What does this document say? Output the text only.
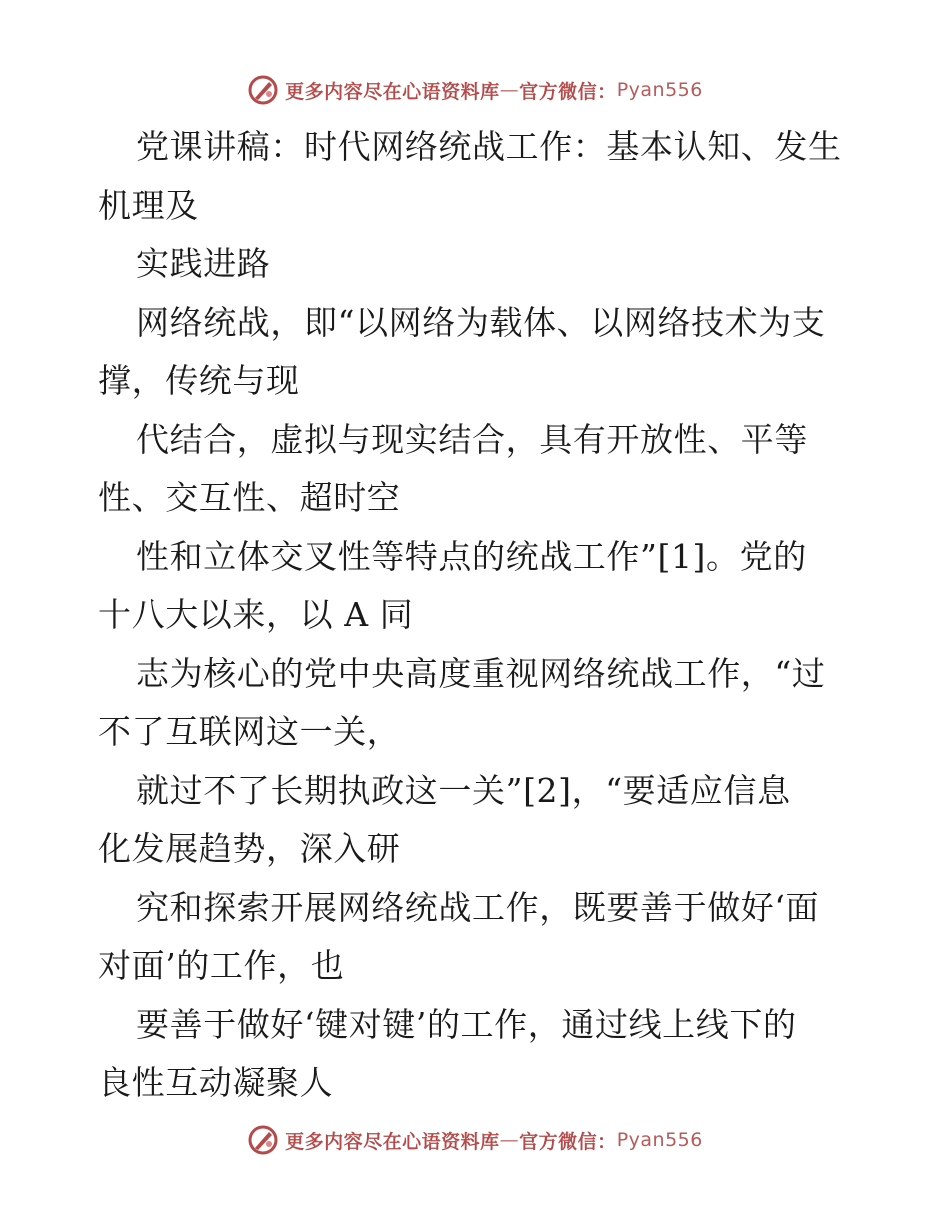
更多内容尽在心语资料库 — 官方微信： Pyan556
党课讲稿：时代网络统战工作：基本认知、发生
机理及
实践进路
网络统战，即“以网络为载体、以网络技术为支
撑，传统与现
代结合，虚拟与现实结合，具有开放性、平等
性、交互性、超时空
性和立体交叉性等特点的统战工作”[1]。党的
十八大以来，以 A 同
志为核心的党中央高度重视网络统战工作，“过
不了互联网这一关，
就过不了长期执政这一关”[2]，“要适应信息
化发展趋势，深入研
究和探索开展网络统战工作，既要善于做好‘面
对面’的工作，也
要善于做好‘键对键’的工作，通过线上线下的
良性互动凝聚人
更多内容尽在心语资料库 — 官方微信： Pyan556
